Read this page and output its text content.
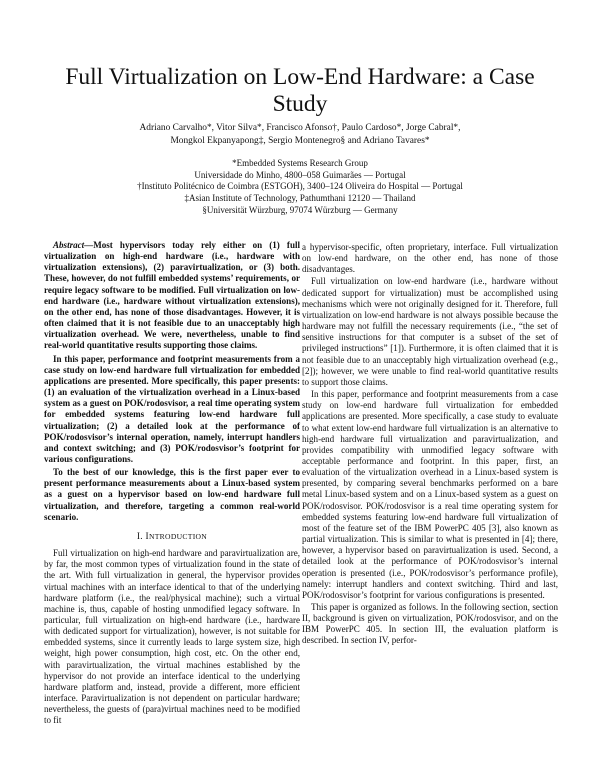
Full Virtualization on Low-End Hardware: a Case Study
Adriano Carvalho*, Vitor Silva*, Francisco Afonso†, Paulo Cardoso*, Jorge Cabral*,
Mongkol Ekpanyapong‡, Sergio Montenegro§ and Adriano Tavares*
*Embedded Systems Research Group
Universidade do Minho, 4800–058 Guimarães — Portugal
†Instituto Politécnico de Coimbra (ESTGOH), 3400–124 Oliveira do Hospital — Portugal
‡Asian Institute of Technology, Pathumthani 12120 — Thailand
§Universität Würzburg, 97074 Würzburg — Germany

Abstract—Most hypervisors today rely either on (1) full virtualization on high-end hardware (i.e., hardware with virtualization extensions), (2) paravirtualization, or (3) both. These, however, do not fulfill embedded systems’ requirements, or require legacy software to be modified. Full virtualization on low-end hardware (i.e., hardware without virtualization extensions), on the other end, has none of those disadvantages. However, it is often claimed that it is not feasible due to an unacceptably high virtualization overhead. We were, nevertheless, unable to find real-world quantitative results supporting those claims.

In this paper, performance and footprint measurements from a case study on low-end hardware full virtualization for embedded applications are presented. More specifically, this paper presents: (1) an evaluation of the virtualization overhead in a Linux-based system as a guest on POK/rodosvisor, a real time operating system for embedded systems featuring low-end hardware full virtualization; (2) a detailed look at the performance of POK/rodosvisor’s internal operation, namely, interrupt handlers and context switching; and (3) POK/rodosvisor’s footprint for various configurations.

To the best of our knowledge, this is the first paper ever to present performance measurements about a Linux-based system as a guest on a hypervisor based on low-end hardware full virtualization, and therefore, targeting a common real-world scenario.

I. INTRODUCTION

Full virtualization on high-end hardware and paravirtualization are, by far, the most common types of virtualization found in the state of the art. With full virtualization in general, the hypervisor provides virtual machines with an interface identical to that of the underlying hardware platform (i.e., the real/physical machine); such a virtual machine is, thus, capable of hosting unmodified legacy software. In particular, full virtualization on high-end hardware (i.e., hardware with dedicated support for virtualization), however, is not suitable for embedded systems, since it currently leads to large system size, high weight, high power consumption, high cost, etc. On the other end, with paravirtualization, the virtual machines established by the hypervisor do not provide an interface identical to the underlying hardware platform and, instead, provide a different, more efficient interface. Paravirtualization is not dependent on particular hardware; nevertheless, the guests of (para)virtual machines need to be modified to fit

a hypervisor-specific, often proprietary, interface. Full virtualization on low-end hardware, on the other end, has none of those disadvantages.

Full virtualization on low-end hardware (i.e., hardware without dedicated support for virtualization) must be accomplished using mechanisms which were not originally designed for it. Therefore, full virtualization on low-end hardware is not always possible because the hardware may not fulfill the necessary requirements (i.e., “the set of sensitive instructions for that computer is a subset of the set of privileged instructions” [1]). Furthermore, it is often claimed that it is not feasible due to an unacceptably high virtualization overhead (e.g., [2]); however, we were unable to find real-world quantitative results to support those claims.

In this paper, performance and footprint measurements from a case study on low-end hardware full virtualization for embedded applications are presented. More specifically, a case study to evaluate to what extent low-end hardware full virtualization is an alternative to high-end hardware full virtualization and paravirtualization, and provides compatibility with unmodified legacy software with acceptable performance and footprint. In this paper, first, an evaluation of the virtualization overhead in a Linux-based system is presented, by comparing several benchmarks performed on a bare metal Linux-based system and on a Linux-based system as a guest on POK/rodosvisor. POK/rodosvisor is a real time operating system for embedded systems featuring low-end hardware full virtualization of most of the feature set of the IBM PowerPC 405 [3], also known as partial virtualization. This is similar to what is presented in [4]; there, however, a hypervisor based on paravirtualization is used. Second, a detailed look at the performance of POK/rodosvisor’s internal operation is presented (i.e., POK/rodosvisor’s performance profile), namely: interrupt handlers and context switching. Third and last, POK/rodosvisor’s footprint for various configurations is presented.

This paper is organized as follows. In the following section, section II, background is given on virtualization, POK/rodosvisor, and on the IBM PowerPC 405. In section III, the evaluation platform is described. In section IV, perfor-
